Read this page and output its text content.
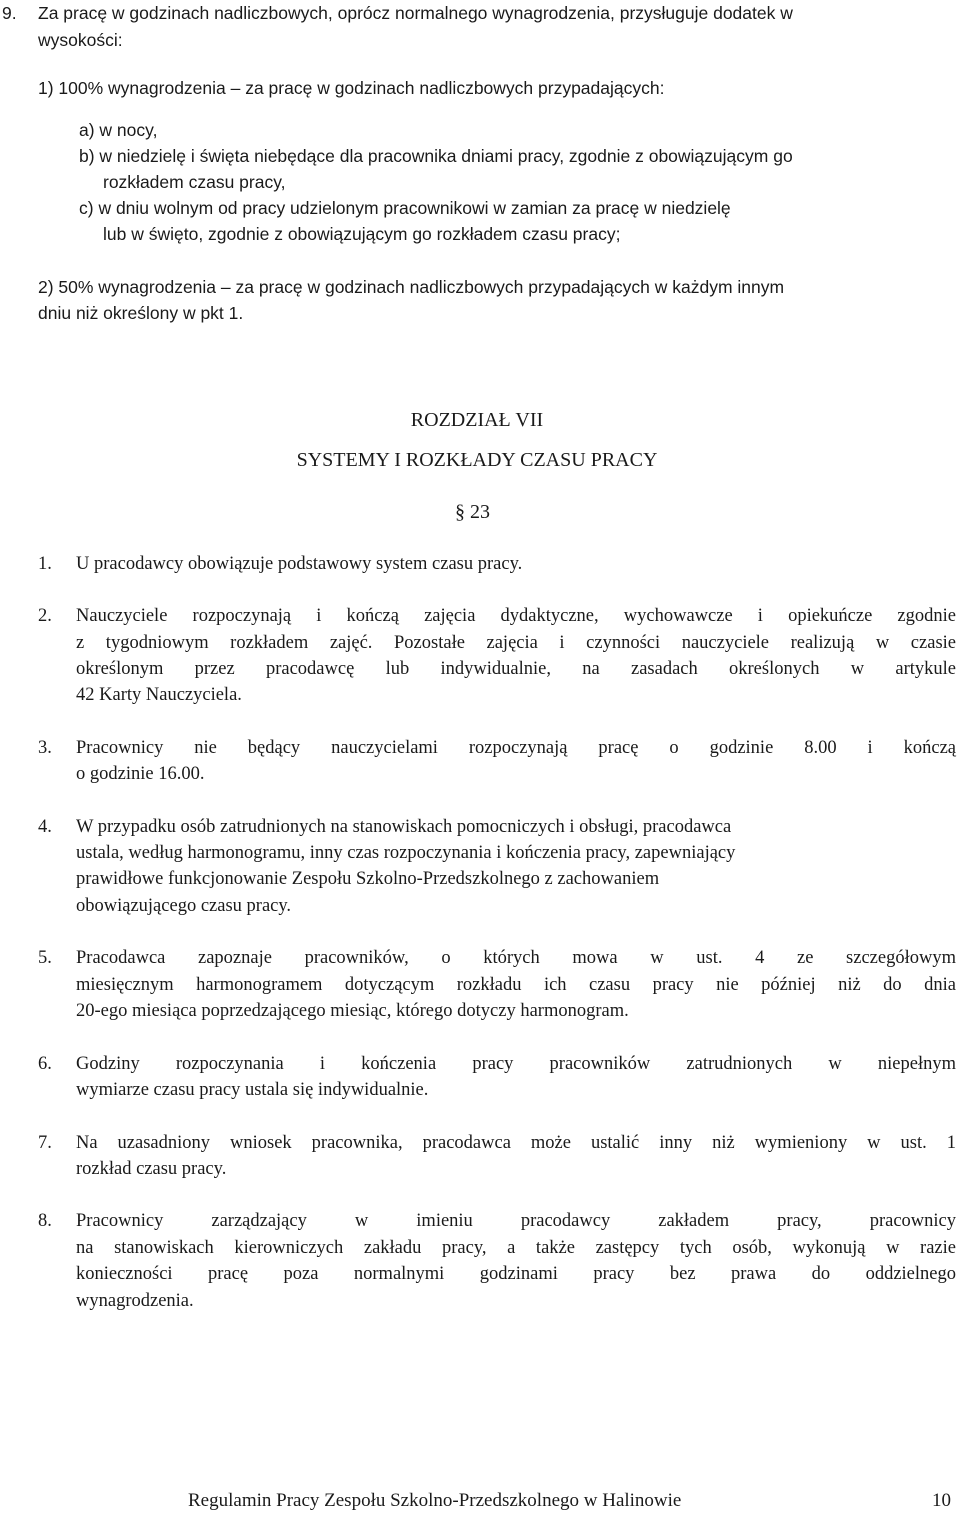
9. Za pracę w godzinach nadliczbowych, oprócz normalnego wynagrodzenia, przysługuje dodatek w
wysokości:
1) 100% wynagrodzenia – za pracę w godzinach nadliczbowych przypadających:
a) w nocy,
b) w niedzielę i święta niebędące dla pracownika dniami pracy, zgodnie z obowiązującym go
rozkładem czasu pracy,
c) w dniu wolnym od pracy udzielonym pracownikowi w zamian za pracę w niedzielę
lub w święto, zgodnie z obowiązującym go rozkładem czasu pracy;
2) 50% wynagrodzenia – za pracę w godzinach nadliczbowych przypadających w każdym innym
dniu niż określony w pkt 1.
ROZDZIAŁ VII
SYSTEMY I ROZKŁADY CZASU PRACY
§ 23
1. U pracodawcy obowiązuje podstawowy system czasu pracy.
2. Nauczyciele rozpoczynają i kończą zajęcia dydaktyczne, wychowawcze i opiekuńcze zgodnie
z tygodniowym rozkładem zajęć. Pozostałe zajęcia i czynności nauczyciele realizują w czasie
określonym przez pracodawcę lub indywidualnie, na zasadach określonych w artykule
42 Karty Nauczyciela.
3. Pracownicy nie będący nauczycielami rozpoczynają pracę o godzinie 8.00 i kończą
o godzinie 16.00.
4. W przypadku osób zatrudnionych na stanowiskach pomocniczych i obsługi, pracodawca
ustala, według harmonogramu, inny czas rozpoczynania i kończenia pracy, zapewniający
prawidłowe funkcjonowanie Zespołu Szkolno-Przedszkolnego z zachowaniem
obowiązującego czasu pracy.
5. Pracodawca zapoznaje pracowników, o których mowa w ust. 4 ze szczegółowym
miesięcznym harmonogramem dotyczącym rozkładu ich czasu pracy nie później niż do dnia
20-ego miesiąca poprzedzającego miesiąc, którego dotyczy harmonogram.
6. Godziny rozpoczynania i kończenia pracy pracowników zatrudnionych w niepełnym
wymiarze czasu pracy ustala się indywidualnie.
7. Na uzasadniony wniosek pracownika, pracodawca może ustalić inny niż wymieniony w ust. 1
rozkład czasu pracy.
8. Pracownicy zarządzający w imieniu pracodawcy zakładem pracy, pracownicy
na stanowiskach kierowniczych zakładu pracy, a także zastępcy tych osób, wykonują w razie
konieczności pracę poza normalnymi godzinami pracy bez prawa do oddzielnego
wynagrodzenia.
Regulamin Pracy Zespołu Szkolno-Przedszkolnego w Halinowie	10
